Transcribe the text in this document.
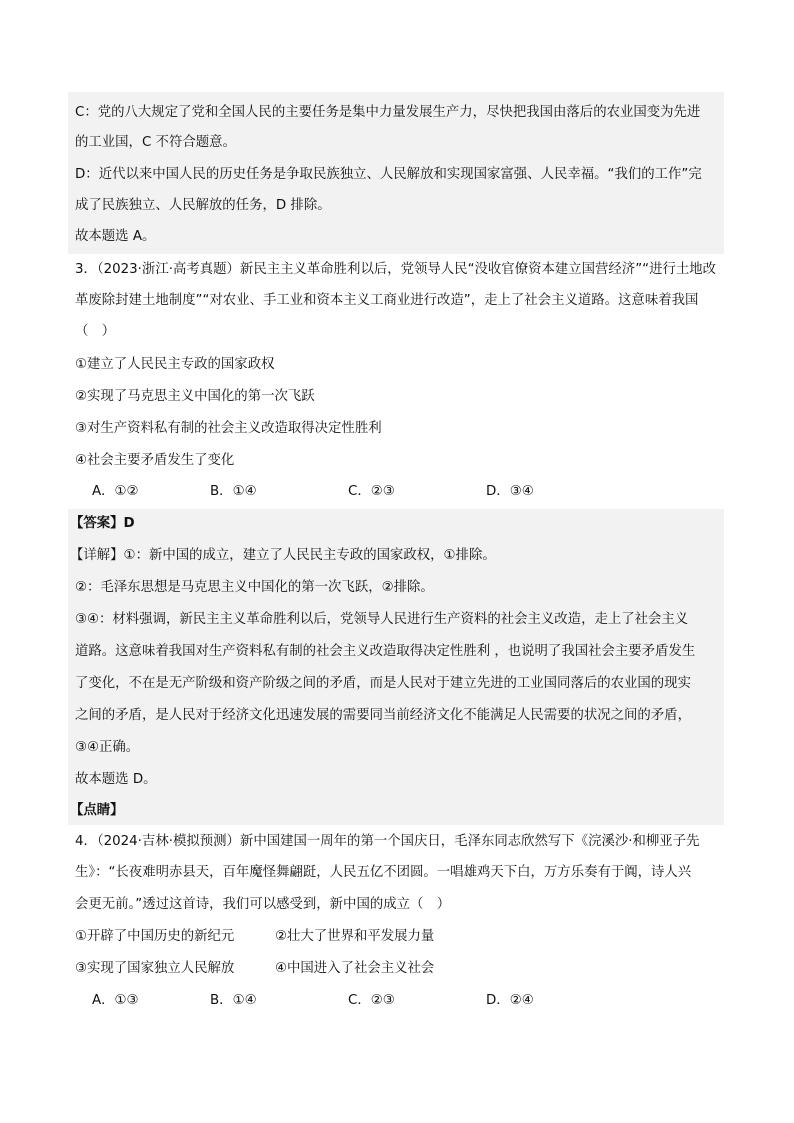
C：党的八大规定了党和全国人民的主要任务是集中力量发展生产力，尽快把我国由落后的农业国变为先进
的工业国，C 不符合题意。
D：近代以来中国人民的历史任务是争取民族独立、人民解放和实现国家富强、人民幸福。“我们的工作”完
成了民族独立、人民解放的任务，D 排除。
故本题选 A。
3．（2023·浙江·高考真题）新民主主义革命胜利以后，党领导人民“没收官僚资本建立国营经济”“进行土地改
革废除封建土地制度”“对农业、手工业和资本主义工商业进行改造”，走上了社会主义道路。这意味着我国
（　）
①建立了人民民主专政的国家政权
②实现了马克思主义中国化的第一次飞跃
③对生产资料私有制的社会主义改造取得决定性胜利
④社会主要矛盾发生了变化
A．①②	B．①④	C．②③	D．③④
【答案】D
【详解】①：新中国的成立，建立了人民民主专政的国家政权，①排除。
②：毛泽东思想是马克思主义中国化的第一次飞跃，②排除。
③④：材料强调，新民主主义革命胜利以后，党领导人民进行生产资料的社会主义改造，走上了社会主义
道路。这意味着我国对生产资料私有制的社会主义改造取得决定性胜利 ，也说明了我国社会主要矛盾发生
了变化，不在是无产阶级和资产阶级之间的矛盾，而是人民对于建立先进的工业国同落后的农业国的现实
之间的矛盾，是人民对于经济文化迅速发展的需要同当前经济文化不能满足人民需要的状况之间的矛盾，
③④正确。
故本题选 D。
【点睛】
4．（2024·吉林·模拟预测）新中国建国一周年的第一个国庆日，毛泽东同志欣然写下《浣溪沙·和柳亚子先
生》：“长夜难明赤县天，百年魔怪舞翩跹，人民五亿不团圆。一唱雄鸡天下白，万方乐奏有于阗，诗人兴
会更无前。”透过这首诗，我们可以感受到，新中国的成立（　）
①开辟了中国历史的新纪元	②壮大了世界和平发展力量
③实现了国家独立人民解放	④中国进入了社会主义社会
A．①③	B．①④	C．②③	D．②④
